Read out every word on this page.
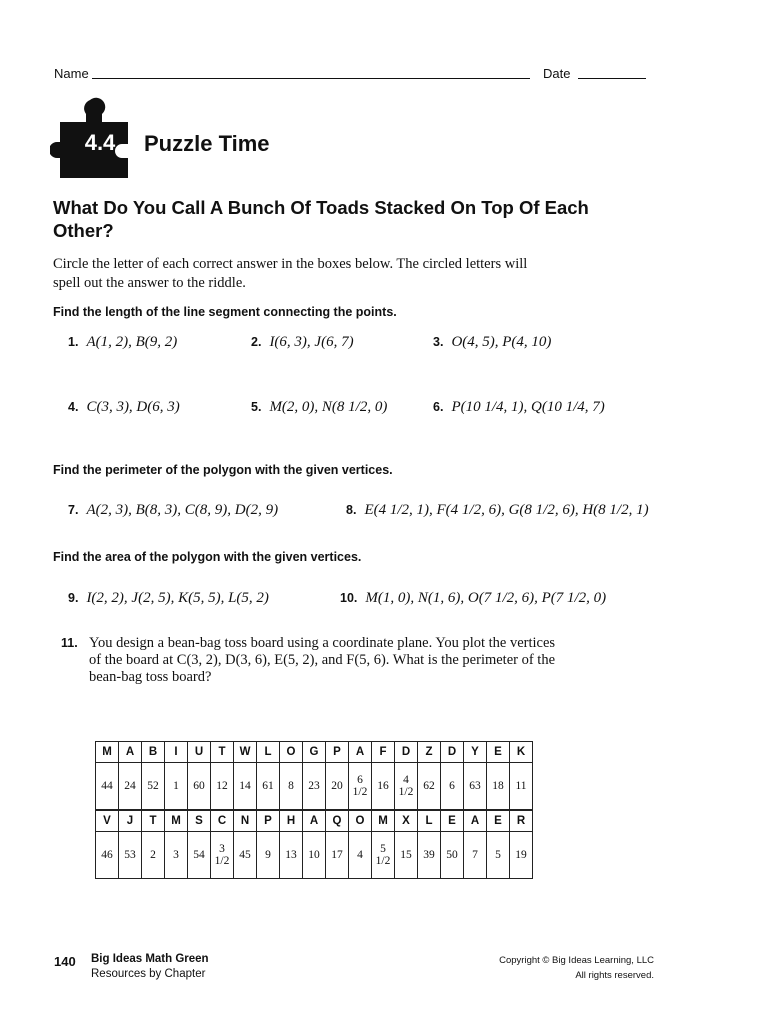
Name	Date
4.4	Puzzle Time
What Do You Call A Bunch Of Toads Stacked On Top Of Each Other?
Circle the letter of each correct answer in the boxes below. The circled letters will spell out the answer to the riddle.
Find the length of the line segment connecting the points.
1. A(1, 2), B(9, 2)	2. I(6, 3), J(6, 7)	3. O(4, 5), P(4, 10)
4. C(3, 3), D(6, 3)	5. M(2, 0), N(8 1/2, 0)	6. P(10 1/4, 1), Q(10 1/4, 7)
Find the perimeter of the polygon with the given vertices.
7. A(2, 3), B(8, 3), C(8, 9), D(2, 9)	8. E(4 1/2, 1), F(4 1/2, 6), G(8 1/2, 6), H(8 1/2, 1)
Find the area of the polygon with the given vertices.
9. I(2, 2), J(2, 5), K(5, 5), L(5, 2)	10. M(1, 0), N(1, 6), O(7 1/2, 6), P(7 1/2, 0)
11. You design a bean-bag toss board using a coordinate plane. You plot the vertices of the board at C(3, 2), D(3, 6), E(5, 2), and F(5, 6). What is the perimeter of the bean-bag toss board?
M	A	B	I	U	T	W	L	O	G	P	A	F	D	Z	D	Y	E	K
44	24	52	1	60	12	14	61	8	23	20	6 1/2	16	4 1/2	62	6	63	18	11
V	J	T	M	S	C	N	P	H	A	Q	O	M	X	L	E	A	E	R
46	53	2	3	54	3 1/2	45	9	13	10	17	4	5 1/2	15	39	50	7	5	19
140 Big Ideas Math Green
Resources by Chapter
Copyright © Big Ideas Learning, LLC
All rights reserved.
